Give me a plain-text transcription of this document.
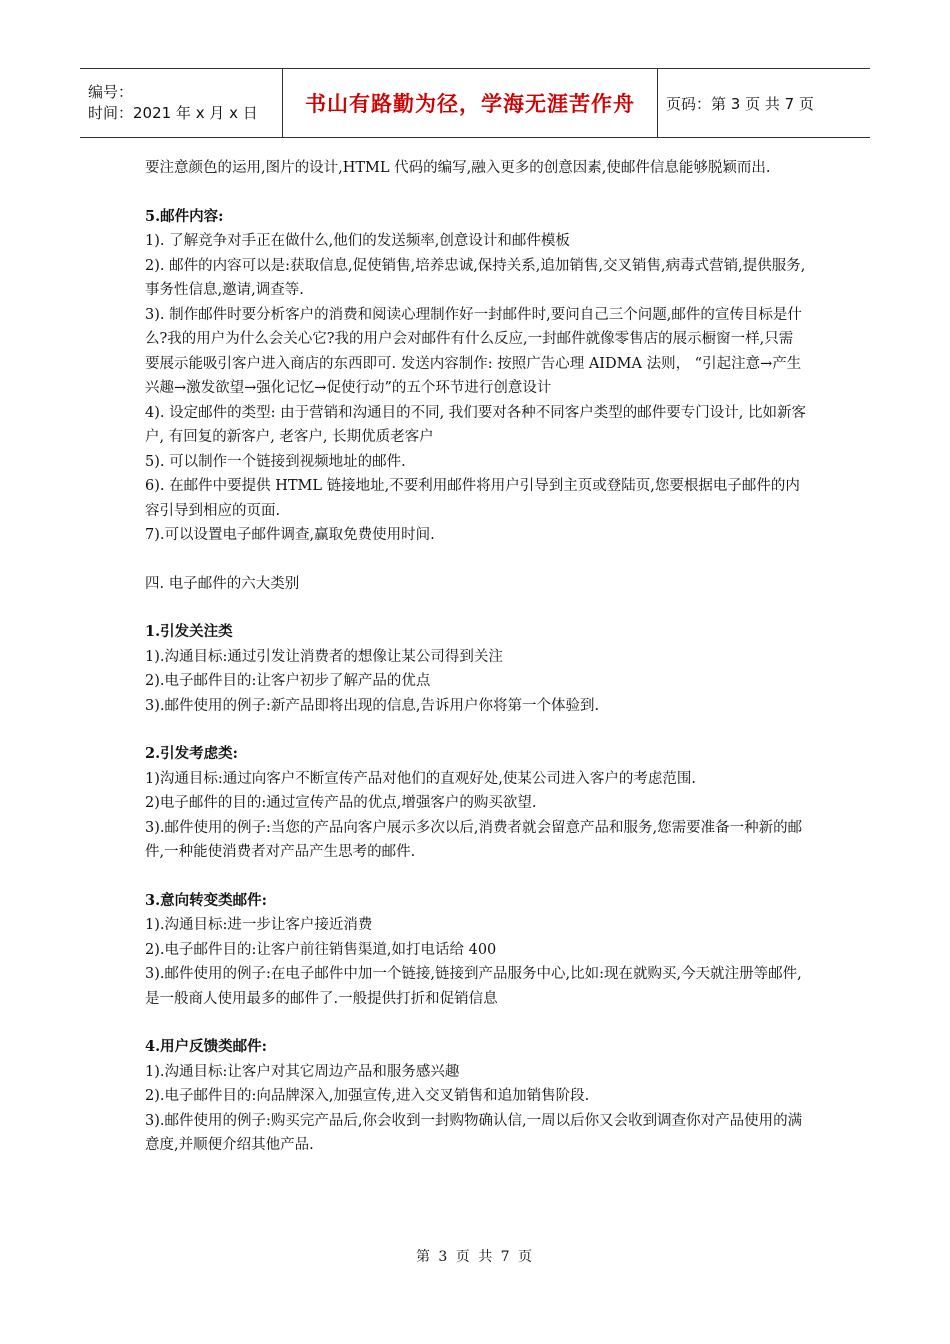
编号：
时间：2021 年 x 月 x 日	书山有路勤为径，学海无涯苦作舟 页码：第 3 页 共 7 页

要注意颜色的运用,图片的设计,HTML 代码的编写,融入更多的创意因素,使邮件信息能够脱颖而出.

5.邮件内容:

1). 了解竞争对手正在做什么,他们的发送频率,创意设计和邮件模板

2). 邮件的内容可以是:获取信息,促使销售,培养忠诚,保持关系,追加销售,交叉销售,病毒式营销,提供服务,事务性信息,邀请,调查等.

3). 制作邮件时要分析客户的消费和阅读心理制作好一封邮件时,要问自己三个问题,邮件的宣传目标是什么?我的用户为什么会关心它?我的用户会对邮件有什么反应,一封邮件就像零售店的展示橱窗一样,只需要展示能吸引客户进入商店的东西即可. 发送内容制作: 按照广告心理 AIDMA 法则， “引起注意→产生兴趣→激发欲望→强化记忆→促使行动”的五个环节进行创意设计

4). 设定邮件的类型: 由于营销和沟通目的不同, 我们要对各种不同客户类型的邮件要专门设计, 比如新客户, 有回复的新客户, 老客户, 长期优质老客户

5). 可以制作一个链接到视频地址的邮件.

6). 在邮件中要提供 HTML 链接地址,不要利用邮件将用户引导到主页或登陆页,您要根据电子邮件的内容引导到相应的页面.

7).可以设置电子邮件调查,赢取免费使用时间.

四. 电子邮件的六大类别

1.引发关注类

1).沟通目标:通过引发让消费者的想像让某公司得到关注

2).电子邮件目的:让客户初步了解产品的优点

3).邮件使用的例子:新产品即将出现的信息,告诉用户你将第一个体验到.

2.引发考虑类:

1)沟通目标:通过向客户不断宣传产品对他们的直观好处,使某公司进入客户的考虑范围.

2)电子邮件的目的:通过宣传产品的优点,增强客户的购买欲望.

3).邮件使用的例子:当您的产品向客户展示多次以后,消费者就会留意产品和服务,您需要准备一种新的邮件,一种能使消费者对产品产生思考的邮件.

3.意向转变类邮件:

1).沟通目标:进一步让客户接近消费

2).电子邮件目的:让客户前往销售渠道,如打电话给 400

3).邮件使用的例子:在电子邮件中加一个链接,链接到产品服务中心,比如:现在就购买,今天就注册等邮件,是一般商人使用最多的邮件了.一般提供打折和促销信息

4.用户反馈类邮件:

1).沟通目标:让客户对其它周边产品和服务感兴趣

2).电子邮件目的:向品牌深入,加强宣传,进入交叉销售和追加销售阶段.

3).邮件使用的例子:购买完产品后,你会收到一封购物确认信,一周以后你又会收到调查你对产品使用的满意度,并顺便介绍其他产品.

第 3 页 共 7 页
